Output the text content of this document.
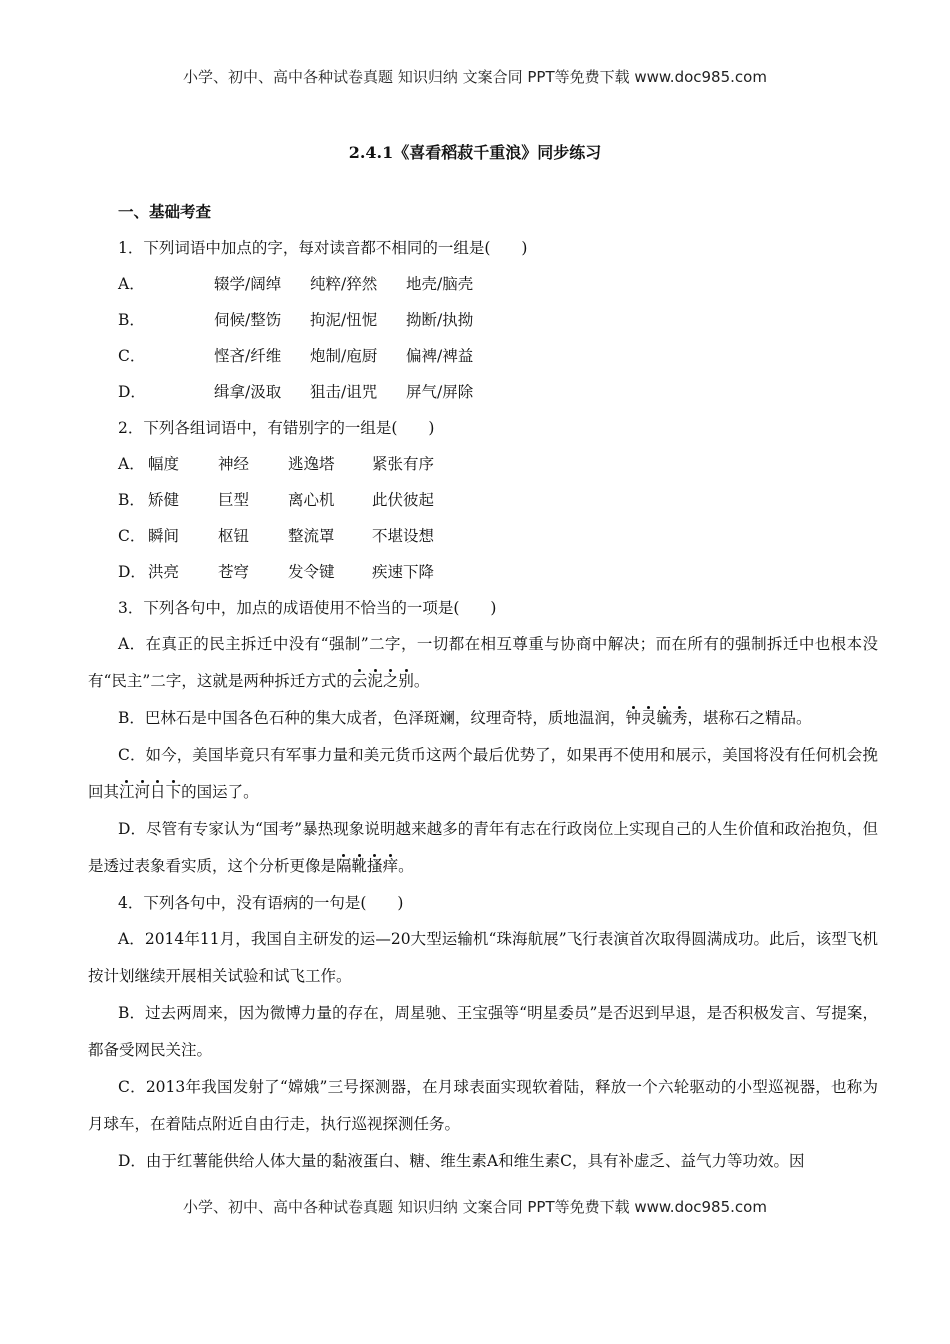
小学、初中、高中各种试卷真题 知识归纳 文案合同 PPT等免费下载 www.doc985.com
2.4.1《喜看稻菽千重浪》同步练习
一、基础考查
1．下列词语中加点的字，每对读音都不相同的一组是(　　)
A．	辍学/阔绰 纯粹/猝然 地壳/脑壳
B．	伺候/整饬 拘泥/忸怩 拗断/执拗
C．	悭吝/纤维 炮制/庖厨 偏裨/裨益
D．	缉拿/汲取 狙击/诅咒 屏气/屏除
2．下列各组词语中，有错别字的一组是(　　)
A． 幅度	神经	逃逸塔 紧张有序
B． 矫健	巨型	离心机 此伏彼起
C． 瞬间	枢钮	整流罩 不堪设想
D． 洪亮	苍穹	发令键 疾速下降
3．下列各句中，加点的成语使用不恰当的一项是(　　)

A．在真正的民主拆迁中没有“强制”二字，一切都在相互尊重与协商中解决；而在所有的强制拆迁中也根本没有“民主”二字，这就是两种拆迁方式的云泥之别。

B．巴林石是中国各色石种的集大成者，色泽斑斓，纹理奇特，质地温润，钟灵毓秀，堪称石之精品。

C．如今，美国毕竟只有军事力量和美元货币这两个最后优势了，如果再不使用和展示，美国将没有任何机会挽回其江河日下的国运了。

D．尽管有专家认为“国考”暴热现象说明越来越多的青年有志在行政岗位上实现自己的人生价值和政治抱负，但是透过表象看实质，这个分析更像是隔靴搔痒。

4．下列各句中，没有语病的一句是(　　)

A．2014年11月，我国自主研发的运—20大型运输机“珠海航展”飞行表演首次取得圆满成功。此后，该型飞机按计划继续开展相关试验和试飞工作。

B．过去两周来，因为微博力量的存在，周星驰、王宝强等“明星委员”是否迟到早退，是否积极发言、写提案，都备受网民关注。

C．2013年我国发射了“嫦娥”三号探测器，在月球表面实现软着陆，释放一个六轮驱动的小型巡视器，也称为月球车，在着陆点附近自由行走，执行巡视探测任务。

D．由于红薯能供给人体大量的黏液蛋白、糖、维生素A和维生素C，具有补虚乏、益气力等功效。因

小学、初中、高中各种试卷真题 知识归纳 文案合同 PPT等免费下载 www.doc985.com
